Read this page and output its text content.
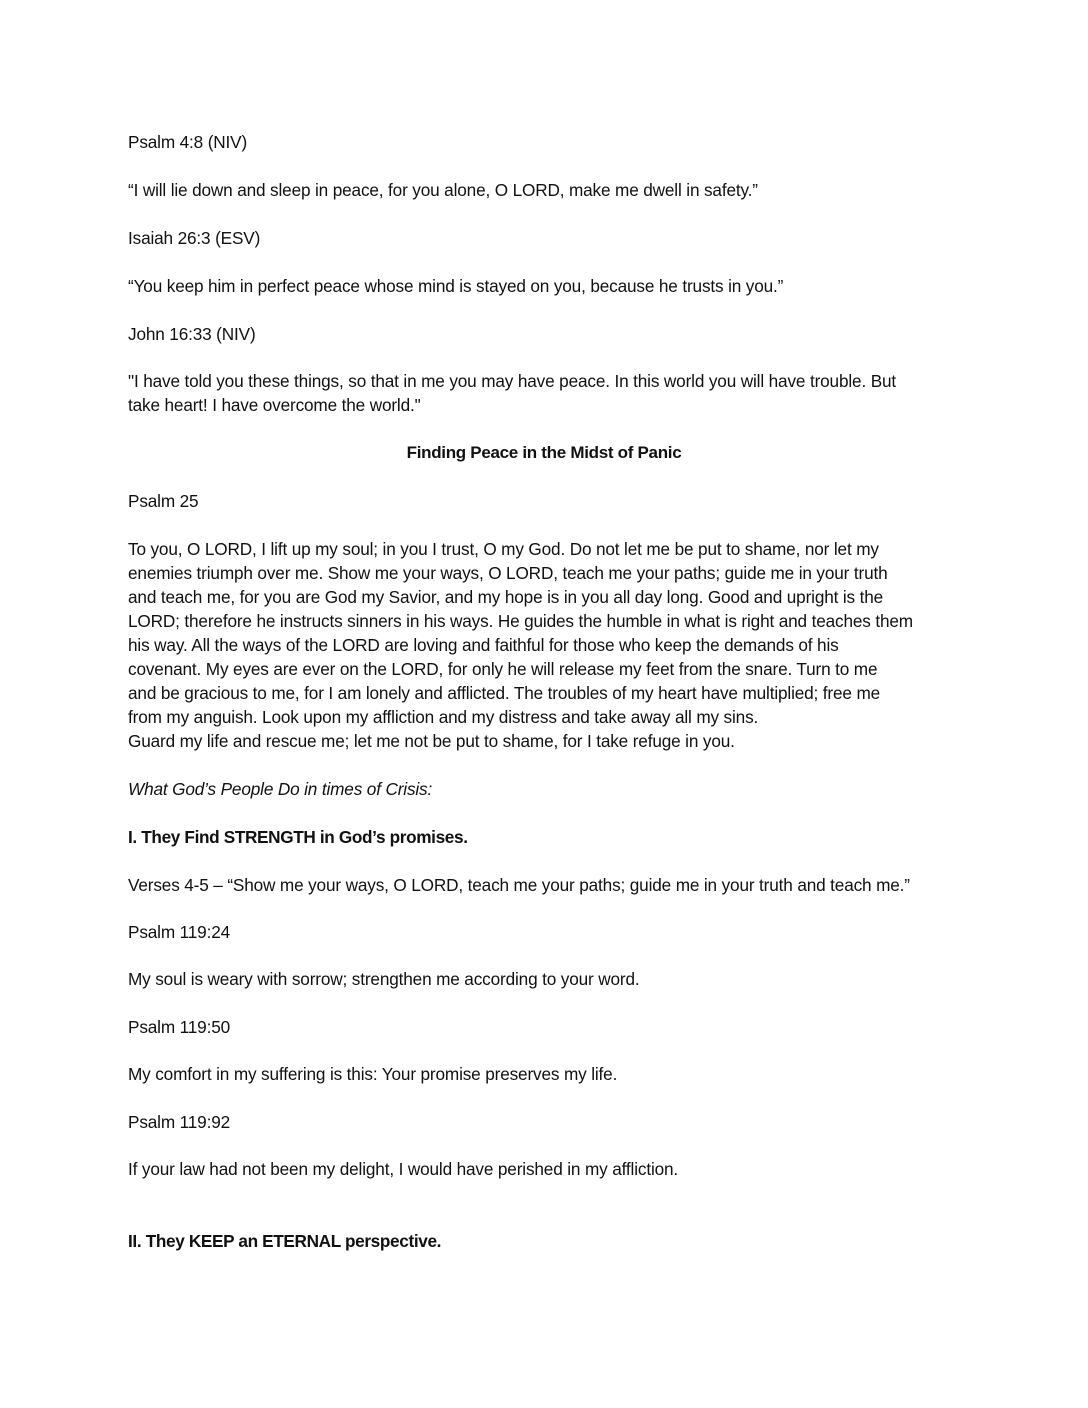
Psalm 4:8 (NIV)

“I will lie down and sleep in peace, for you alone, O LORD, make me dwell in safety.”

Isaiah 26:3 (ESV)

“You keep him in perfect peace whose mind is stayed on you, because he trusts in you.”

John 16:33 (NIV)

"I have told you these things, so that in me you may have peace. In this world you will have trouble. But

take heart! I have overcome the world."

Finding Peace in the Midst of Panic

Psalm 25

To you, O LORD, I lift up my soul; in you I trust, O my God. Do not let me be put to shame, nor let my

enemies triumph over me. Show me your ways, O LORD, teach me your paths; guide me in your truth

and teach me, for you are God my Savior, and my hope is in you all day long. Good and upright is the

LORD; therefore he instructs sinners in his ways. He guides the humble in what is right and teaches them

his way. All the ways of the LORD are loving and faithful for those who keep the demands of his

covenant. My eyes are ever on the LORD, for only he will release my feet from the snare. Turn to me

and be gracious to me, for I am lonely and afflicted. The troubles of my heart have multiplied; free me

from my anguish. Look upon my affliction and my distress and take away all my sins.

Guard my life and rescue me; let me not be put to shame, for I take refuge in you.

What God’s People Do in times of Crisis:

I. They Find STRENGTH in God’s promises.

Verses 4-5 – “Show me your ways, O LORD, teach me your paths; guide me in your truth and teach me.”

Psalm 119:24

My soul is weary with sorrow; strengthen me according to your word.

Psalm 119:50

My comfort in my suffering is this: Your promise preserves my life.

Psalm 119:92

If your law had not been my delight, I would have perished in my affliction.

II. They KEEP an ETERNAL perspective.
